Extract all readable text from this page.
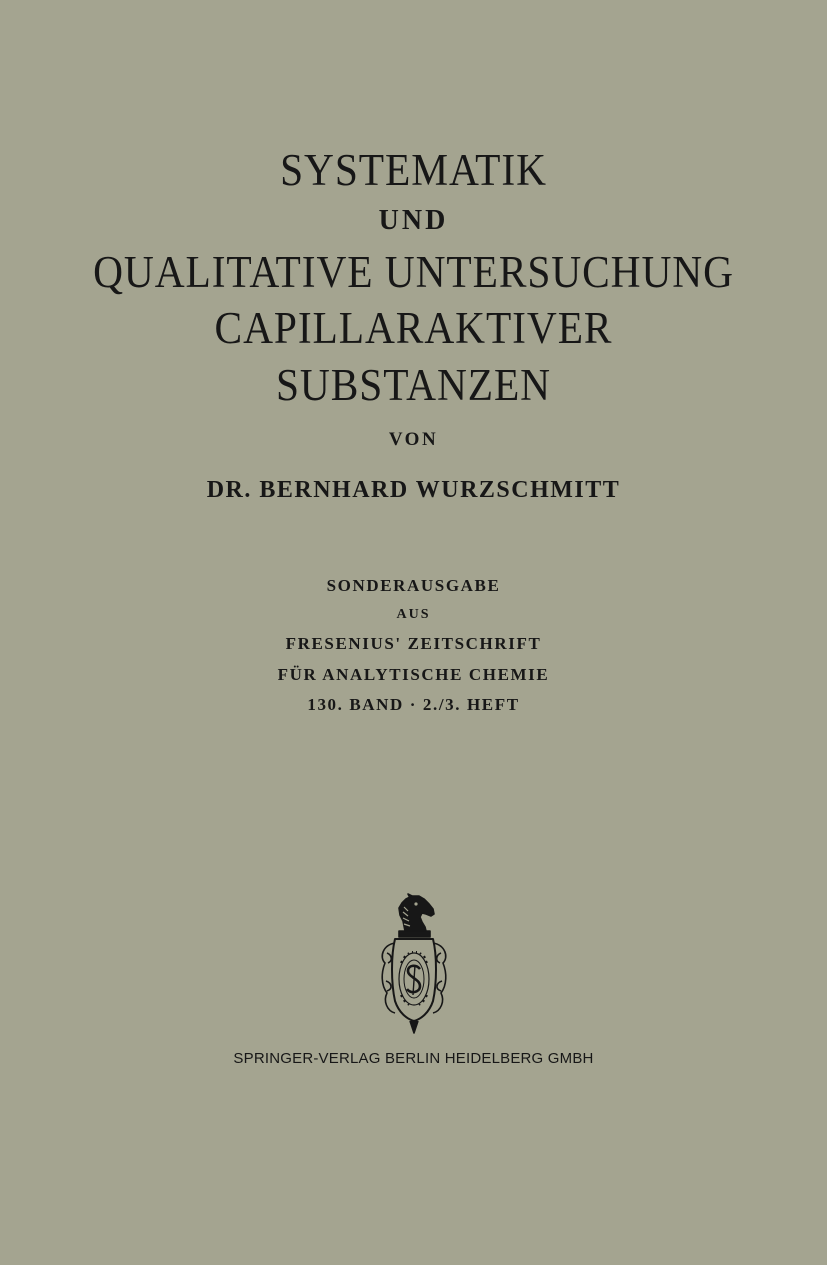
SYSTEMATIK
UND
QUALITATIVE UNTERSUCHUNG
CAPILLARAKTIVER
SUBSTANZEN
VON
DR. BERNHARD WURZSCHMITT
SONDERAUSGABE
AUS
FRESENIUS' ZEITSCHRIFT
FÜR ANALYTISCHE CHEMIE
130. BAND · 2./3. HEFT
SPRINGER-VERLAG BERLIN HEIDELBERG GMBH
